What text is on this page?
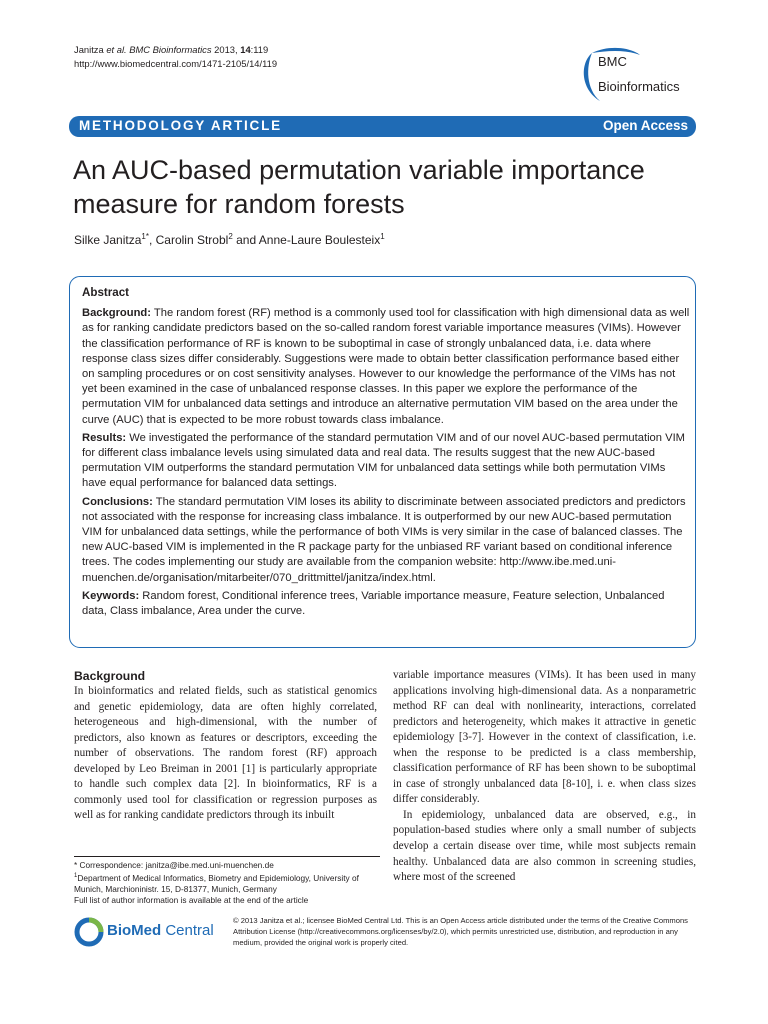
Janitza et al. BMC Bioinformatics 2013, 14:119
http://www.biomedcentral.com/1471-2105/14/119	BMC
Bioinformatics
METHODOLOGY ARTICLE	Open Access
An AUC-based permutation variable importance measure for random forests
Silke Janitza$^{1*}$, Carolin Strobl$^2$ and Anne-Laure Boulesteix$^1$

Abstract

Background: The random forest (RF) method is a commonly used tool for classification with high dimensional data as well as for ranking candidate predictors based on the so-called random forest variable importance measures (VIMs). However the classification performance of RF is known to be suboptimal in case of strongly unbalanced data, i.e. data where response class sizes differ considerably. Suggestions were made to obtain better classification performance based either on sampling procedures or on cost sensitivity analyses. However to our knowledge the performance of the VIMs has not yet been examined in the case of unbalanced response classes. In this paper we explore the performance of the permutation VIM for unbalanced data settings and introduce an alternative permutation VIM based on the area under the curve (AUC) that is expected to be more robust towards class imbalance.

Results: We investigated the performance of the standard permutation VIM and of our novel AUC-based permutation VIM for different class imbalance levels using simulated data and real data. The results suggest that the new AUC-based permutation VIM outperforms the standard permutation VIM for unbalanced data settings while both permutation VIMs have equal performance for balanced data settings.

Conclusions: The standard permutation VIM loses its ability to discriminate between associated predictors and predictors not associated with the response for increasing class imbalance. It is outperformed by our new AUC-based permutation VIM for unbalanced data settings, while the performance of both VIMs is very similar in the case of balanced classes. The new AUC-based VIM is implemented in the R package party for the unbiased RF variant based on conditional inference trees. The codes implementing our study are available from the companion website: http://www.ibe.med.uni-muenchen.de/organisation/mitarbeiter/070_drittmittel/janitza/index.html.

Keywords: Random forest, Conditional inference trees, Variable importance measure, Feature selection, Unbalanced data, Class imbalance, Area under the curve.

Background

In bioinformatics and related fields, such as statistical genomics and genetic epidemiology, data are often highly correlated, heterogeneous and high-dimensional, with the number of predictors, also known as features or descriptors, exceeding the number of observations. The random forest (RF) approach developed by Leo Breiman in 2001 [1] is particularly appropriate to handle such complex data [2]. In bioinformatics, RF is a commonly used tool for classification or regression purposes as well as for ranking candidate predictors through its inbuilt

variable importance measures (VIMs). It has been used in many applications involving high-dimensional data. As a nonparametric method RF can deal with nonlinearity, interactions, correlated predictors and heterogeneity, which makes it attractive in genetic epidemiology [3-7]. However in the context of classification, i.e. when the response to be predicted is a class membership, classification performance of RF has been shown to be suboptimal in case of strongly unbalanced data [8-10], i. e. when class sizes differ considerably.

In epidemiology, unbalanced data are observed, e.g., in population-based studies where only a small number of subjects develop a certain disease over time, while most subjects remain healthy. Unbalanced data are also common in screening studies, where most of the screened

* Correspondence: janitza@ibe.med.uni-muenchen.de

$^1$Department of Medical Informatics, Biometry and Epidemiology, University of Munich, Marchioninistr. 15, D-81377, Munich, Germany

Full list of author information is available at the end of the article

BioMed Central

© 2013 Janitza et al.; licensee BioMed Central Ltd. This is an Open Access article distributed under the terms of the Creative Commons Attribution License (http://creativecommons.org/licenses/by/2.0), which permits unrestricted use, distribution, and reproduction in any medium, provided the original work is properly cited.
